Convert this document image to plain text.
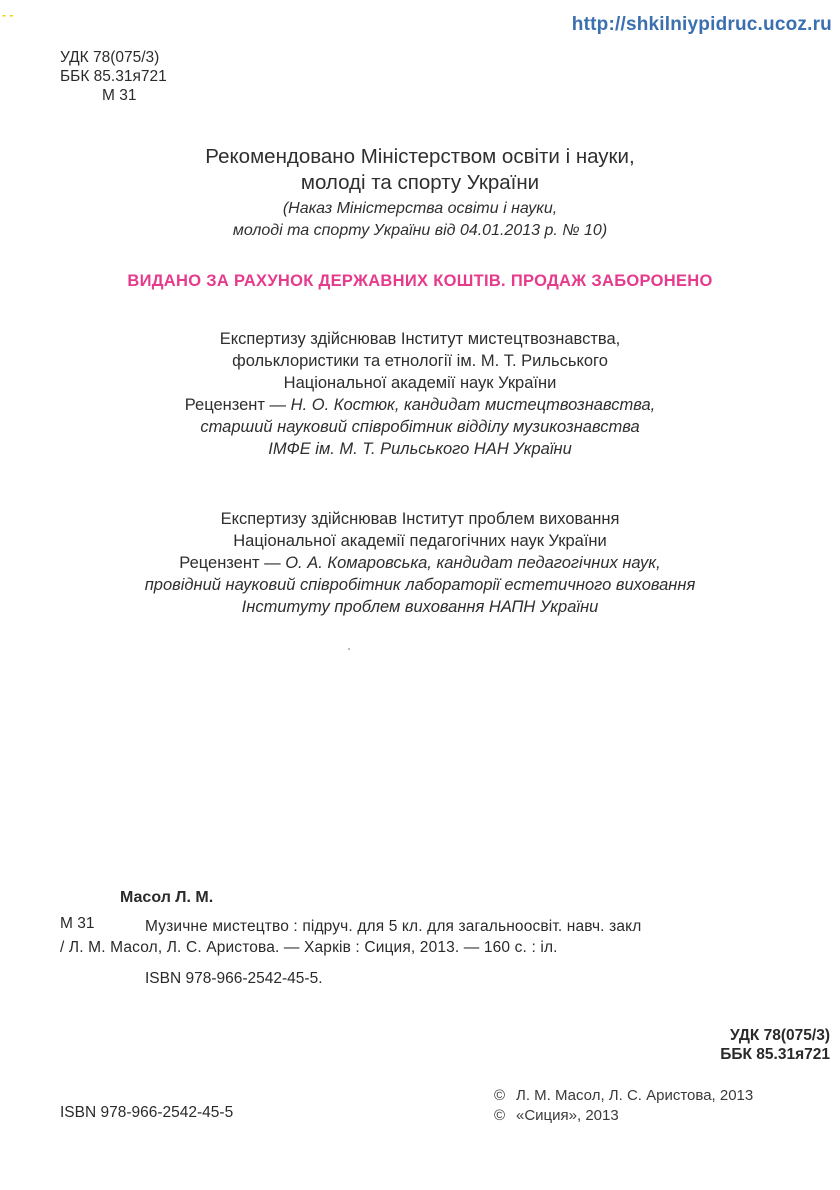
- -	http://shkilniypidruc.ucoz.ru
УДК 78(075/3)
ББК 85.31я721
М 31
Рекомендовано Міністерством освіти і науки,
молоді та спорту України
(Наказ Міністерства освіти і науки,
молоді та спорту України від 04.01.2013 р. № 10)
ВИДАНО ЗА РАХУНОК ДЕРЖАВНИХ КОШТІВ. ПРОДАЖ ЗАБОРОНЕНО
Експертизу здійснював Інститут мистецтвознавства,
фольклористики та етнології ім. М. Т. Рильського
Національної академії наук України
Рецензент — Н. О. Костюк, кандидат мистецтвознавства,
старший науковий співробітник відділу музикознавства
ІМФЕ ім. М. Т. Рильського НАН України
Експертизу здійснював Інститут проблем виховання
Національної академії педагогічних наук України
Рецензент — О. А. Комаровська, кандидат педагогічних наук,
провідний науковий співробітник лабораторії естетичного виховання
Інституту проблем виховання НАПН України
Масол Л. М.
М 31	Музичне мистецтво : підруч. для 5 кл. для загальноосвіт. навч. закл
/ Л. М. Масол, Л. С. Аристова. — Харків : Сиция, 2013. — 160 с. : іл.
ISBN 978-966-2542-45-5.
УДК 78(075/3)
ББК 85.31я721
ISBN 978-966-2542-45-5
© Л. М. Масол, Л. С. Аристова, 2013
© «Сиция», 2013
